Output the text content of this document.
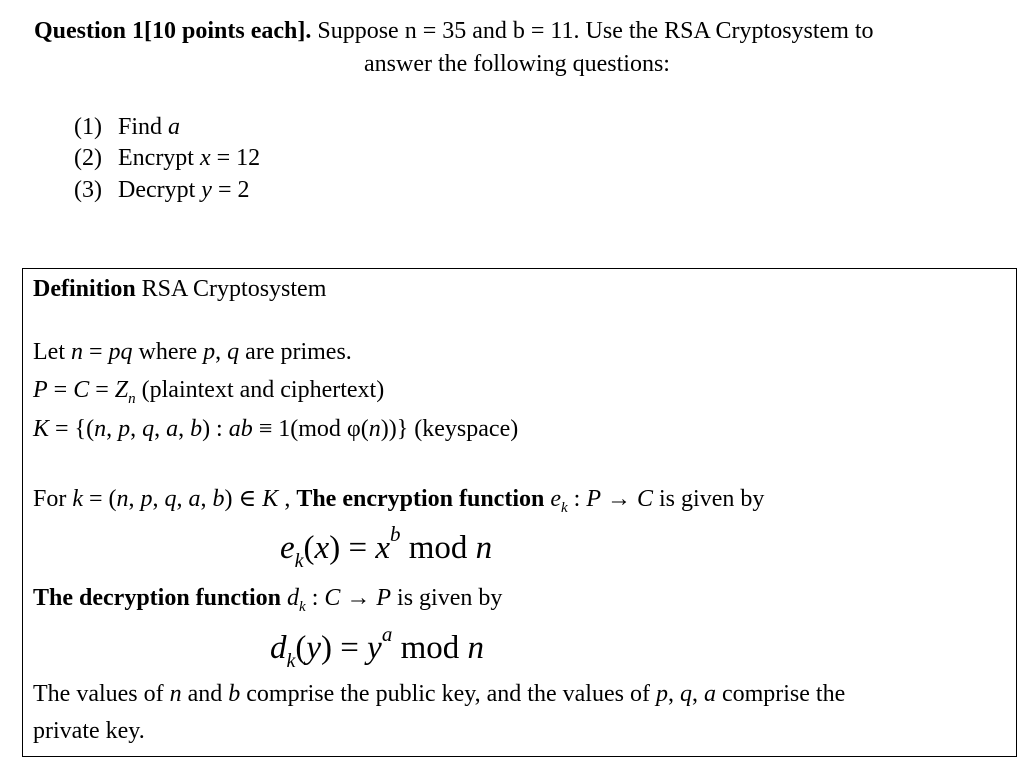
Question 1[10 points each]. Suppose n = 35 and b = 11. Use the RSA Cryptosystem to
answer the following questions:
(1) Find a
(2) Encrypt x = 12
(3) Decrypt y = 2
Definition RSA Cryptosystem
Let n = pq where p, q are primes.
$P = C = Z_n$ (plaintext and ciphertext)
K = {(n, p, q, a, b) : ab ≡ 1(mod φ(n))} (keyspace)
For k = (n, p, q, a, b) ∈ K , The encryption function $e_k$ : P → C is given by
$e_k(x) = x^b$ mod n
The decryption function $d_k$ : C → P is given by
$d_k(y) = y^a$ mod n
The values of n and b comprise the public key, and the values of p, q, a comprise the
private key.
